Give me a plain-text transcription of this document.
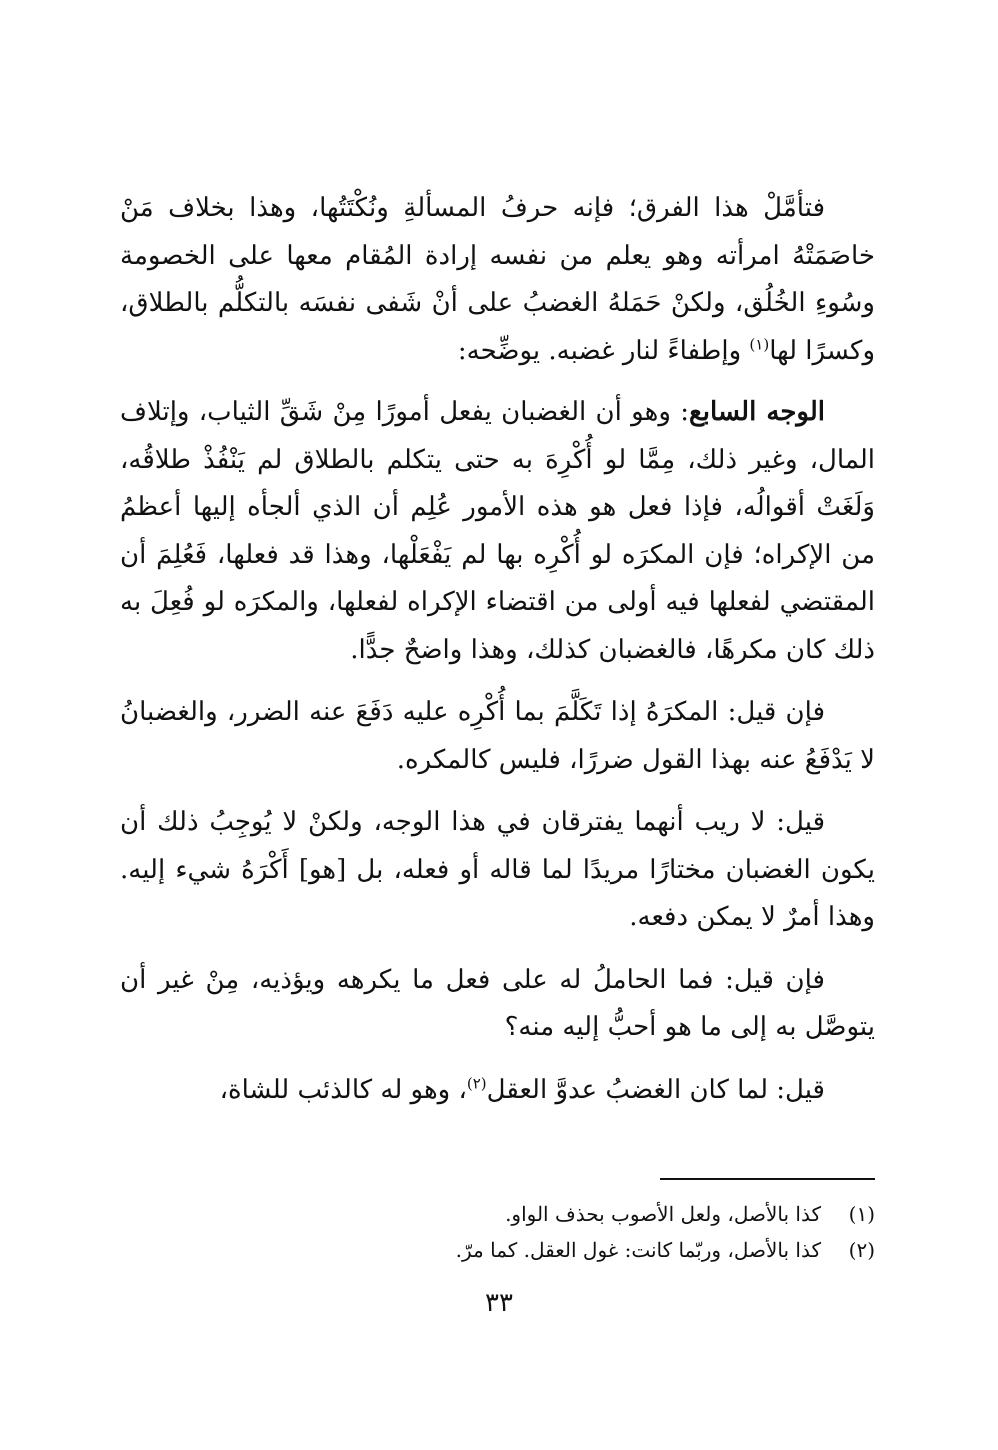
فتأمَّلْ هذا الفرق؛ فإنه حرفُ المسألةِ ونُكْتَتُها، وهذا بخلاف مَنْ خاصَمَتْهُ امرأته وهو يعلم من نفسه إرادة المُقام معها على الخصومة وسُوءِ الخُلُق، ولكنْ حَمَلهُ الغضبُ على أنْ شَفى نفسَه بالتكلُّم بالطلاق، وكسرًا لها$^{(١)}$ وإطفاءً لنار غضبه. يوضِّحه:

الوجه السابع: وهو أن الغضبان يفعل أمورًا مِنْ شَقِّ الثياب، وإتلاف المال، وغير ذلك، مِمَّا لو أُكْرِهَ به حتى يتكلم بالطلاق لم يَنْفُذْ طلاقُه، وَلَغَتْ أقوالُه، فإذا فعل هو هذه الأمور عُلِم أن الذي ألجأه إليها أعظمُ من الإكراه؛ فإن المكرَه لو أُكْرِه بها لم يَفْعَلْها، وهذا قد فعلها، فَعُلِمَ أن المقتضي لفعلها فيه أولى من اقتضاء الإكراه لفعلها، والمكرَه لو فُعِلَ به ذلك كان مكرهًا، فالغضبان كذلك، وهذا واضحٌ جدًّا.

فإن قيل: المكرَهُ إذا تَكَلَّمَ بما أُكْرِه عليه دَفَعَ عنه الضرر، والغضبانُ لا يَدْفَعُ عنه بهذا القول ضررًا، فليس كالمكره.

قيل: لا ريب أنهما يفترقان في هذا الوجه، ولكنْ لا يُوجِبُ ذلك أن يكون الغضبان مختارًا مريدًا لما قاله أو فعله، بل [هو] أَكْرَهُ شيء إليه. وهذا أمرٌ لا يمكن دفعه.

فإن قيل: فما الحاملُ له على فعل ما يكرهه ويؤذيه، مِنْ غير أن يتوصَّل به إلى ما هو أحبُّ إليه منه؟

قيل: لما كان الغضبُ عدوَّ العقل$^{(٢)}$، وهو له كالذئب للشاة،

(١)
كذا بالأصل، ولعل الأصوب بحذف الواو.
(٢)
كذا بالأصل، وربّما كانت: غول العقل. كما مرّ.
٣٣
